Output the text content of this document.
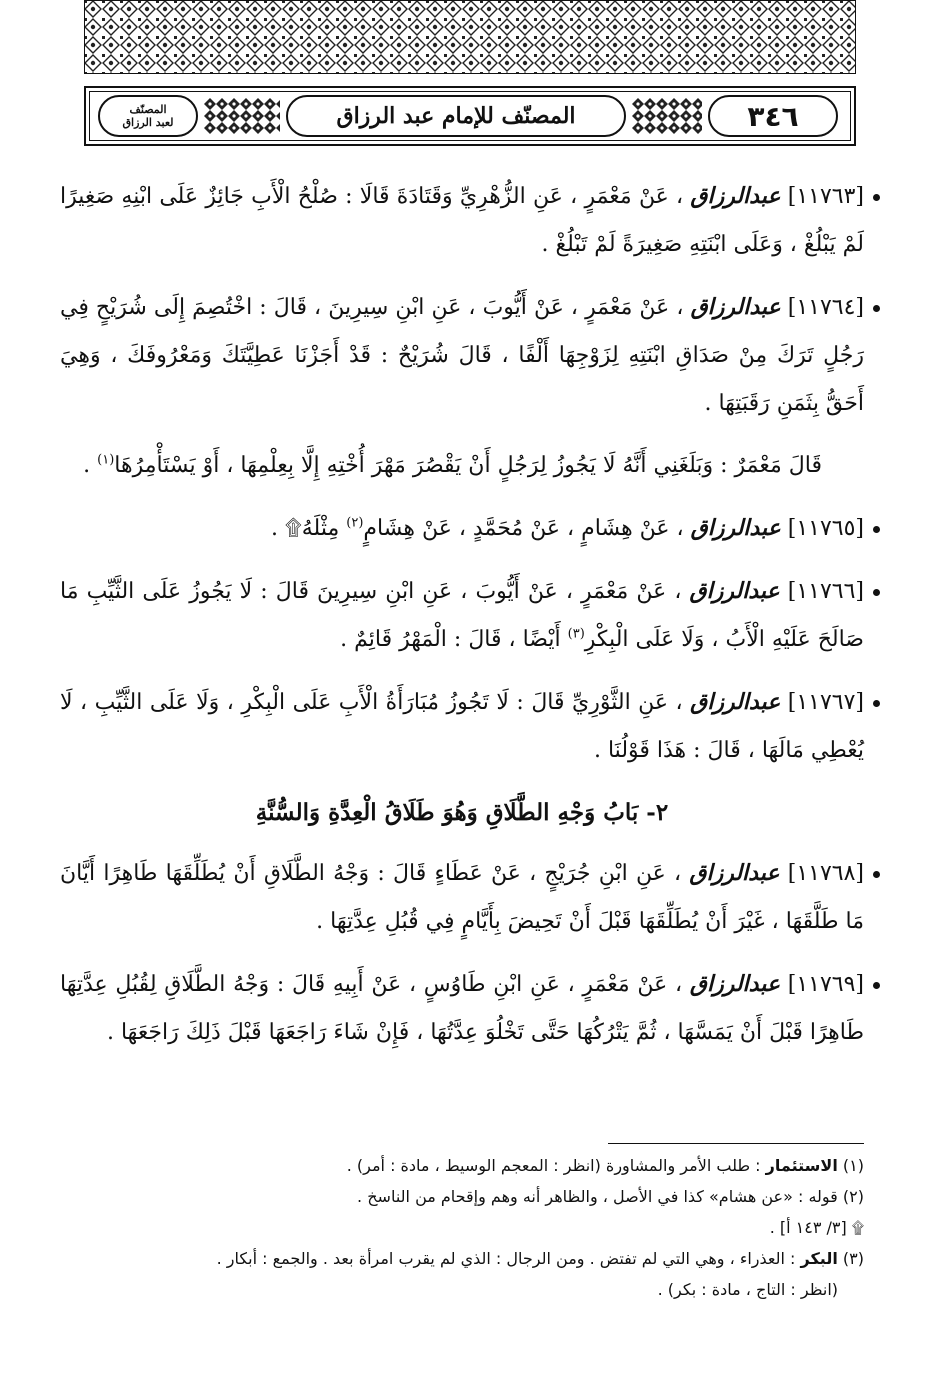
٣٤٦
المصنّف للإمام عبد الرزاق
المصنّف
لعبد الرزاق
[١١٧٦٣] عبدالرزاق ، عَنْ مَعْمَرٍ ، عَنِ الزُّهْرِيِّ وَقَتَادَةَ قَالَا : صُلْحُ الْأَبِ جَائِزٌ عَلَى ابْنِهِ صَغِيرًا لَمْ يَبْلُغْ ، وَعَلَى ابْنَتِهِ صَغِيرَةً لَمْ تَبْلُغْ .
[١١٧٦٤] عبدالرزاق ، عَنْ مَعْمَرٍ ، عَنْ أَيُّوبَ ، عَنِ ابْنِ سِيرِينَ ، قَالَ : اخْتُصِمَ إِلَى شُرَيْحٍ فِي رَجُلٍ تَرَكَ مِنْ صَدَاقِ ابْنَتِهِ لِزَوْجِهَا أَلْفًا ، قَالَ شُرَيْحٌ : قَدْ أَجَزْنَا عَطِيَّتَكَ وَمَعْرُوفَكَ ، وَهِيَ أَحَقُّ بِثَمَنِ رَقَبَتِهَا .
قَالَ مَعْمَرٌ : وَبَلَغَنِي أَنَّهُ لَا يَجُوزُ لِرَجُلٍ أَنْ يَقْصُرَ مَهْرَ أُخْتِهِ إِلَّا بِعِلْمِهَا ، أَوْ يَسْتَأْمِرُهَا$^{(١)}$ .
[١١٧٦٥] عبدالرزاق ، عَنْ هِشَامٍ ، عَنْ مُحَمَّدٍ ، عَنْ هِشَامٍ$^{(٢)}$ مِثْلَهُ۩ .
[١١٧٦٦] عبدالرزاق ، عَنْ مَعْمَرٍ ، عَنْ أَيُّوبَ ، عَنِ ابْنِ سِيرِينَ قَالَ : لَا يَجُوزُ عَلَى الثَّيِّبِ مَا صَالَحَ عَلَيْهِ الْأَبُ ، وَلَا عَلَى الْبِكْرِ$^{(٣)}$ أَيْضًا ، قَالَ : الْمَهْرُ قَائِمٌ .
[١١٧٦٧] عبدالرزاق ، عَنِ الثَّوْرِيِّ قَالَ : لَا تَجُوزُ مُبَارَأَةُ الْأَبِ عَلَى الْبِكْرِ ، وَلَا عَلَى الثَّيِّبِ ، لَا يُعْطِي مَالَهَا ، قَالَ : هَذَا قَوْلُنَا .
٢- بَابُ وَجْهِ الطَّلَاقِ وَهُوَ طَلَاقُ الْعِدَّةِ وَالسُّنَّةِ
[١١٧٦٨] عبدالرزاق ، عَنِ ابْنِ جُرَيْجٍ ، عَنْ عَطَاءٍ قَالَ : وَجْهُ الطَّلَاقِ أَنْ يُطَلِّقَهَا طَاهِرًا أَيَّانَ مَا طَلَّقَهَا ، غَيْرَ أَنْ يُطَلِّقَهَا قَبْلَ أَنْ تَحِيضَ بِأَيَّامٍ فِي قُبُلِ عِدَّتِهَا .
[١١٧٦٩] عبدالرزاق ، عَنْ مَعْمَرٍ ، عَنِ ابْنِ طَاوُسٍ ، عَنْ أَبِيهِ قَالَ : وَجْهُ الطَّلَاقِ لِقُبُلِ عِدَّتِهَا طَاهِرًا قَبْلَ أَنْ يَمَسَّهَا ، ثُمَّ يَتْرُكُهَا حَتَّى تَخْلُوَ عِدَّتُهَا ، فَإِنْ شَاءَ رَاجَعَهَا قَبْلَ ذَلِكَ رَاجَعَهَا .
(١) الاستئمار : طلب الأمر والمشاورة (انظر : المعجم الوسيط ، مادة : أمر) .
(٢) قوله : «عن هشام» كذا في الأصل ، والظاهر أنه وهم وإقحام من الناسخ .
۩ [٣/ ١٤٣ أ] .
(٣) البكر : العذراء ، وهي التي لم تفتض . ومن الرجال : الذي لم يقرب امرأة بعد . والجمع : أبكار .
(انظر : التاج ، مادة : بكر) .
